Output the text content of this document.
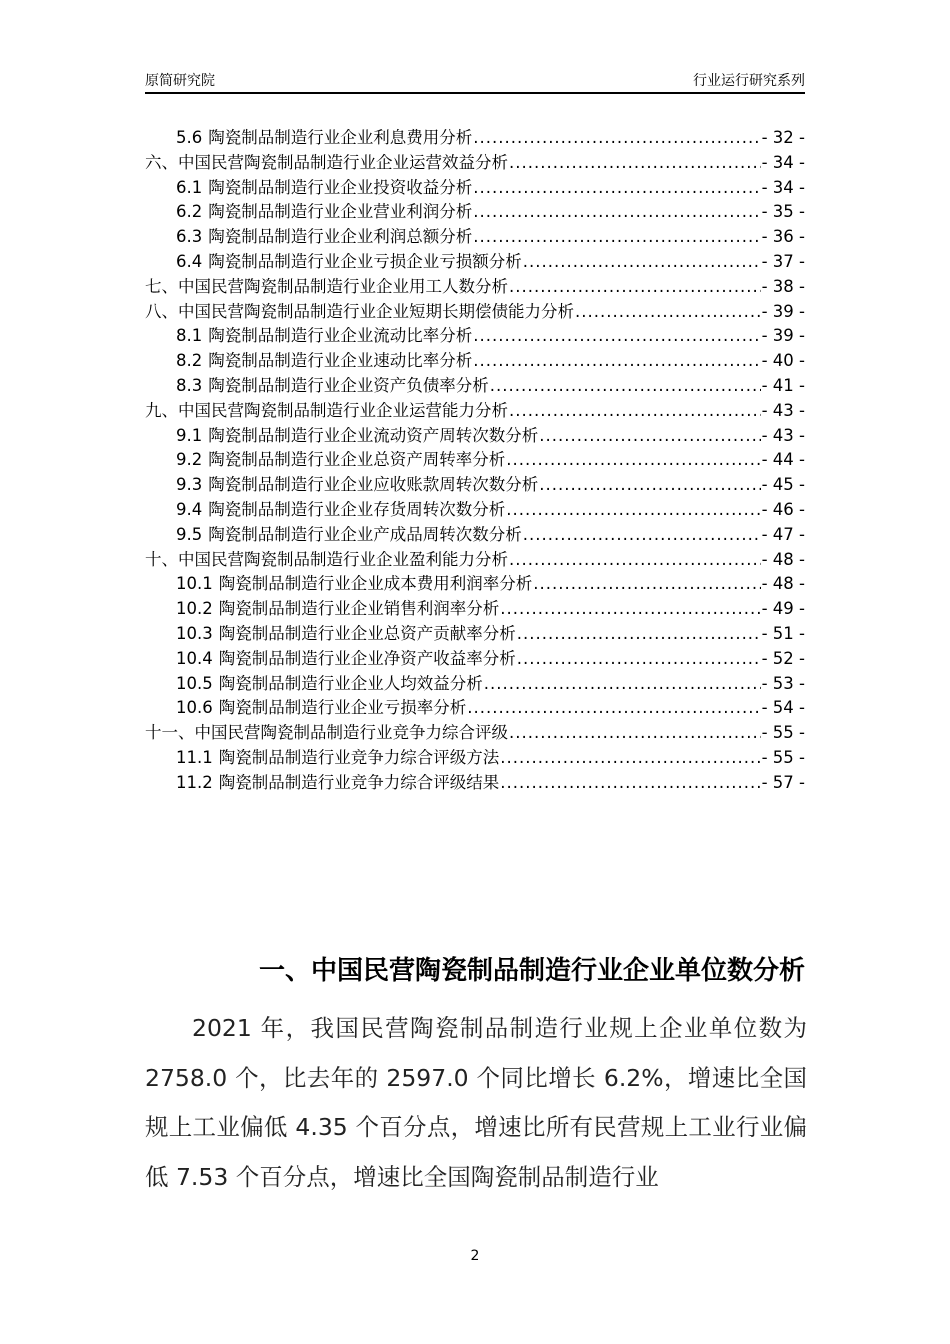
原简研究院	行业运行研究系列
5.6 陶瓷制品制造行业企业利息费用分析 .....	- 32 -
六、中国民营陶瓷制品制造行业企业运营效益分析 .....	- 34 -
6.1 陶瓷制品制造行业企业投资收益分析 .....	- 34 -
6.2 陶瓷制品制造行业企业营业利润分析 .....	- 35 -
6.3 陶瓷制品制造行业企业利润总额分析 .....	- 36 -
6.4 陶瓷制品制造行业企业亏损企业亏损额分析 .....	- 37 -
七、中国民营陶瓷制品制造行业企业用工人数分析 .....	- 38 -
八、中国民营陶瓷制品制造行业企业短期长期偿债能力分析 .....	- 39 -
8.1 陶瓷制品制造行业企业流动比率分析 .....	- 39 -
8.2 陶瓷制品制造行业企业速动比率分析 .....	- 40 -
8.3 陶瓷制品制造行业企业资产负债率分析 .....	- 41 -
九、中国民营陶瓷制品制造行业企业运营能力分析 .....	- 43 -
9.1 陶瓷制品制造行业企业流动资产周转次数分析 .....	- 43 -
9.2 陶瓷制品制造行业企业总资产周转率分析 .....	- 44 -
9.3 陶瓷制品制造行业企业应收账款周转次数分析 .....	- 45 -
9.4 陶瓷制品制造行业企业存货周转次数分析 .....	- 46 -
9.5 陶瓷制品制造行业企业产成品周转次数分析 .....	- 47 -
十、中国民营陶瓷制品制造行业企业盈利能力分析 .....	- 48 -
10.1 陶瓷制品制造行业企业成本费用利润率分析 .....	- 48 -
10.2 陶瓷制品制造行业企业销售利润率分析 .....	- 49 -
10.3 陶瓷制品制造行业企业总资产贡献率分析 .....	- 51 -
10.4 陶瓷制品制造行业企业净资产收益率分析 .....	- 52 -
10.5 陶瓷制品制造行业企业人均效益分析 .....	- 53 -
10.6 陶瓷制品制造行业企业亏损率分析 .....	- 54 -
十一、中国民营陶瓷制品制造行业竞争力综合评级 .....	- 55 -
11.1 陶瓷制品制造行业竞争力综合评级方法 .....	- 55 -
11.2 陶瓷制品制造行业竞争力综合评级结果 .....	- 57 -
一、中国民营陶瓷制品制造行业企业单位数分析

2021 年，我国民营陶瓷制品制造行业规上企业单位数为 2758.0 个，比去年的 2597.0 个同比增长 6.2%，增速比全国规上工业偏低 4.35 个百分点，增速比所有民营规上工业行业偏低 7.53 个百分点，增速比全国陶瓷制品制造行业

2
